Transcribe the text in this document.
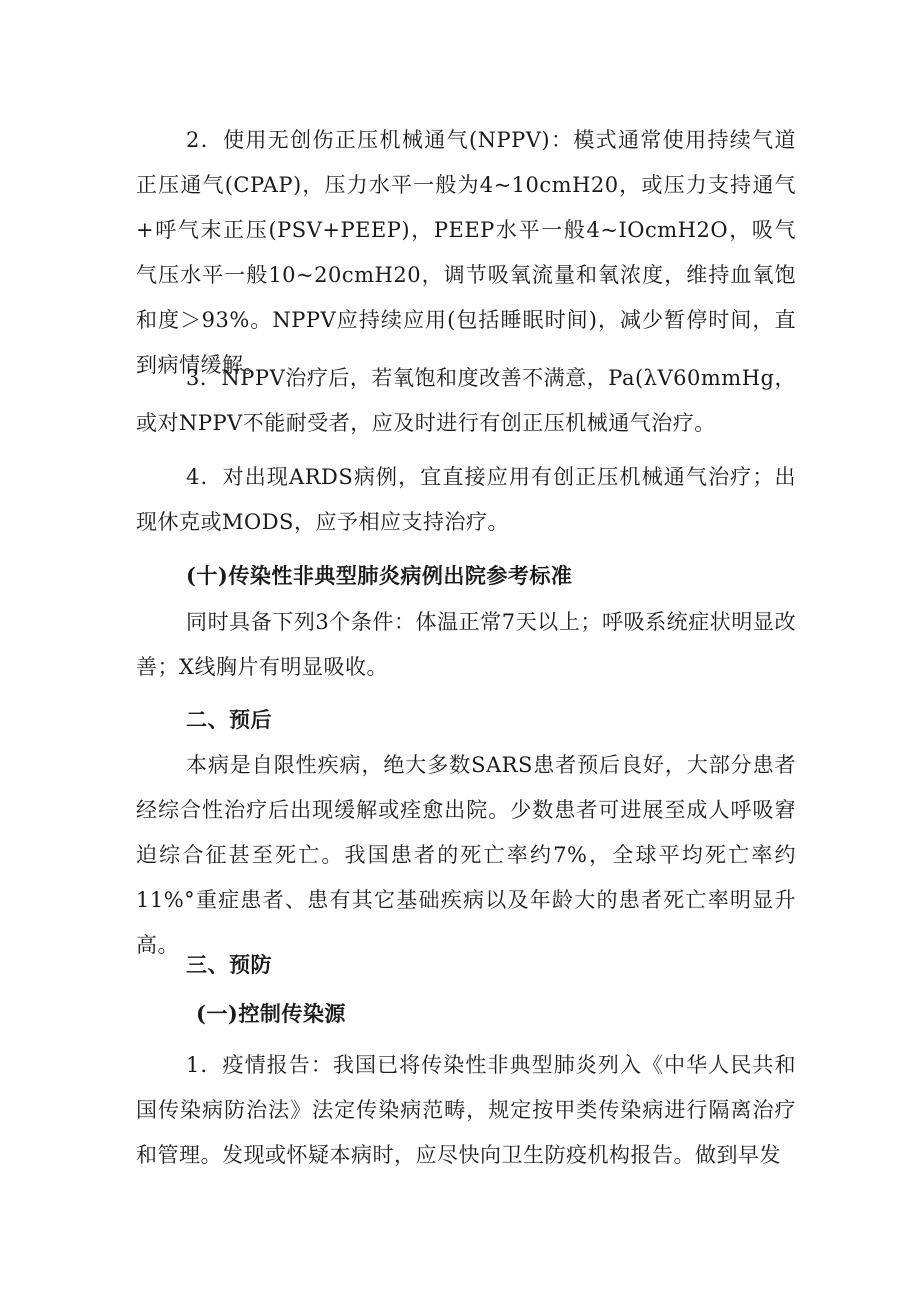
2．使用无创伤正压机械通气(NPPV)：模式通常使用持续气道正压通气(CPAP)，压力水平一般为4~10cmH20，或压力支持通气+呼气末正压(PSV+PEEP)，PEEP水平一般4~IOcmH2O，吸气气压水平一般10~20cmH20，调节吸氧流量和氧浓度，维持血氧饱和度＞93%。NPPV应持续应用(包括睡眠时间)，减少暂停时间，直到病情缓解。

3．NPPV治疗后，若氧饱和度改善不满意，Pa(λV60mmHg，或对NPPV不能耐受者，应及时进行有创正压机械通气治疗。

4．对出现ARDS病例，宜直接应用有创正压机械通气治疗；出现休克或MODS，应予相应支持治疗。

(十)传染性非典型肺炎病例出院参考标准

同时具备下列3个条件：体温正常7天以上；呼吸系统症状明显改善；X线胸片有明显吸收。

二、预后

本病是自限性疾病，绝大多数SARS患者预后良好，大部分患者经综合性治疗后出现缓解或痊愈出院。少数患者可进展至成人呼吸窘迫综合征甚至死亡。我国患者的死亡率约7%，全球平均死亡率约11%°重症患者、患有其它基础疾病以及年龄大的患者死亡率明显升高。

三、预防

(一)控制传染源

1．疫情报告：我国已将传染性非典型肺炎列入《中华人民共和国传染病防治法》法定传染病范畴，规定按甲类传染病进行隔离治疗和管理。发现或怀疑本病时，应尽快向卫生防疫机构报告。做到早发
